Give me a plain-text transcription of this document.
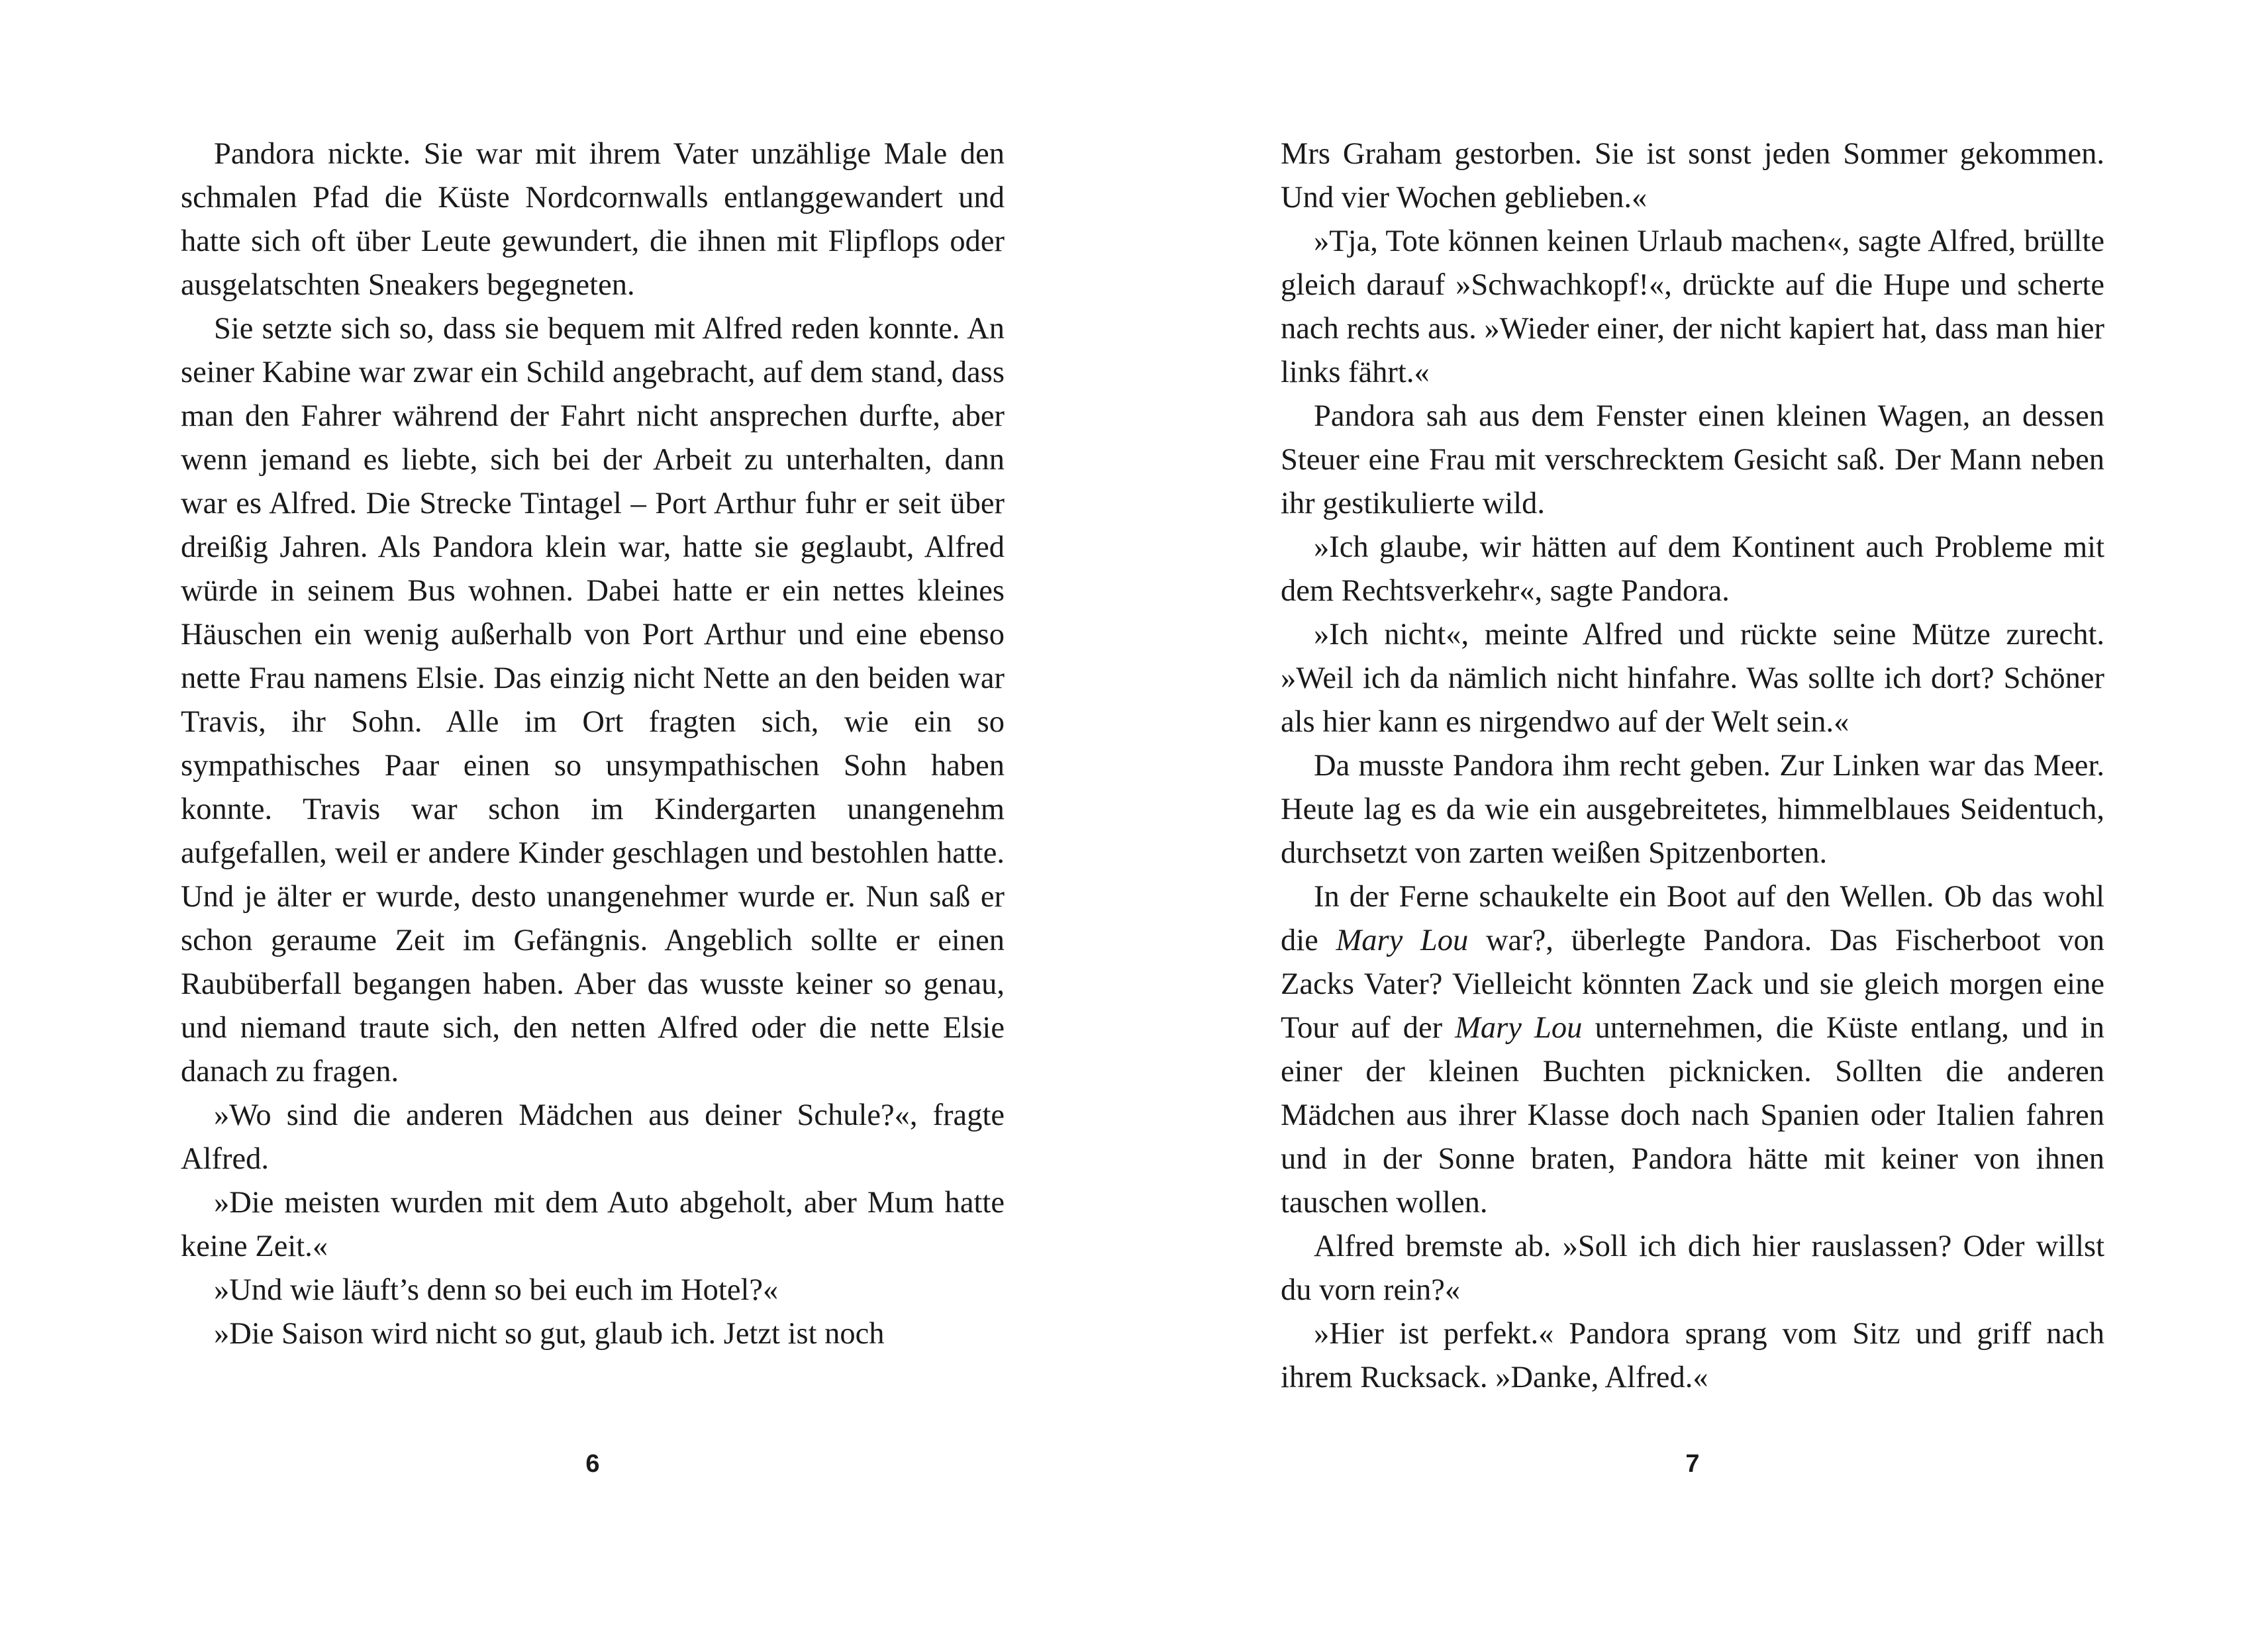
Pandora nickte. Sie war mit ihrem Vater unzählige Male den schmalen Pfad die Küste Nordcornwalls entlanggewandert und hatte sich oft über Leute gewundert, die ihnen mit Flipflops oder ausgelatschten Sneakers begegneten.

Sie setzte sich so, dass sie bequem mit Alfred reden konnte. An seiner Kabine war zwar ein Schild angebracht, auf dem stand, dass man den Fahrer während der Fahrt nicht ansprechen durfte, aber wenn jemand es liebte, sich bei der Arbeit zu unterhalten, dann war es Alfred. Die Strecke Tintagel – Port Arthur fuhr er seit über dreißig Jahren. Als Pandora klein war, hatte sie geglaubt, Alfred würde in seinem Bus wohnen. Dabei hatte er ein nettes kleines Häuschen ein wenig außerhalb von Port Arthur und eine ebenso nette Frau namens Elsie. Das einzig nicht Nette an den beiden war Travis, ihr Sohn. Alle im Ort fragten sich, wie ein so sympathisches Paar einen so unsympathischen Sohn haben konnte. Travis war schon im Kindergarten unangenehm aufgefallen, weil er andere Kinder geschlagen und bestohlen hatte. Und je älter er wurde, desto unangenehmer wurde er. Nun saß er schon geraume Zeit im Gefängnis. Angeblich sollte er einen Raubüberfall begangen haben. Aber das wusste keiner so genau, und niemand traute sich, den netten Alfred oder die nette Elsie danach zu fragen.

»Wo sind die anderen Mädchen aus deiner Schule?«, fragte Alfred.

»Die meisten wurden mit dem Auto abgeholt, aber Mum hatte keine Zeit.«

»Und wie läuft’s denn so bei euch im Hotel?«

»Die Saison wird nicht so gut, glaub ich. Jetzt ist noch

6

Mrs Graham gestorben. Sie ist sonst jeden Sommer gekommen. Und vier Wochen geblieben.«

»Tja, Tote können keinen Urlaub machen«, sagte Alfred, brüllte gleich darauf »Schwachkopf!«, drückte auf die Hupe und scherte nach rechts aus. »Wieder einer, der nicht kapiert hat, dass man hier links fährt.«

Pandora sah aus dem Fenster einen kleinen Wagen, an dessen Steuer eine Frau mit verschrecktem Gesicht saß. Der Mann neben ihr gestikulierte wild.

»Ich glaube, wir hätten auf dem Kontinent auch Probleme mit dem Rechtsverkehr«, sagte Pandora.

»Ich nicht«, meinte Alfred und rückte seine Mütze zurecht. »Weil ich da nämlich nicht hinfahre. Was sollte ich dort? Schöner als hier kann es nirgendwo auf der Welt sein.«

Da musste Pandora ihm recht geben. Zur Linken war das Meer. Heute lag es da wie ein ausgebreitetes, himmelblaues Seidentuch, durchsetzt von zarten weißen Spitzenborten.

In der Ferne schaukelte ein Boot auf den Wellen. Ob das wohl die Mary Lou war?, überlegte Pandora. Das Fischerboot von Zacks Vater? Vielleicht könnten Zack und sie gleich morgen eine Tour auf der Mary Lou unternehmen, die Küste entlang, und in einer der kleinen Buchten picknicken. Sollten die anderen Mädchen aus ihrer Klasse doch nach Spanien oder Italien fahren und in der Sonne braten, Pandora hätte mit keiner von ihnen tauschen wollen.

Alfred bremste ab. »Soll ich dich hier rauslassen? Oder willst du vorn rein?«

»Hier ist perfekt.« Pandora sprang vom Sitz und griff nach ihrem Rucksack. »Danke, Alfred.«

7
